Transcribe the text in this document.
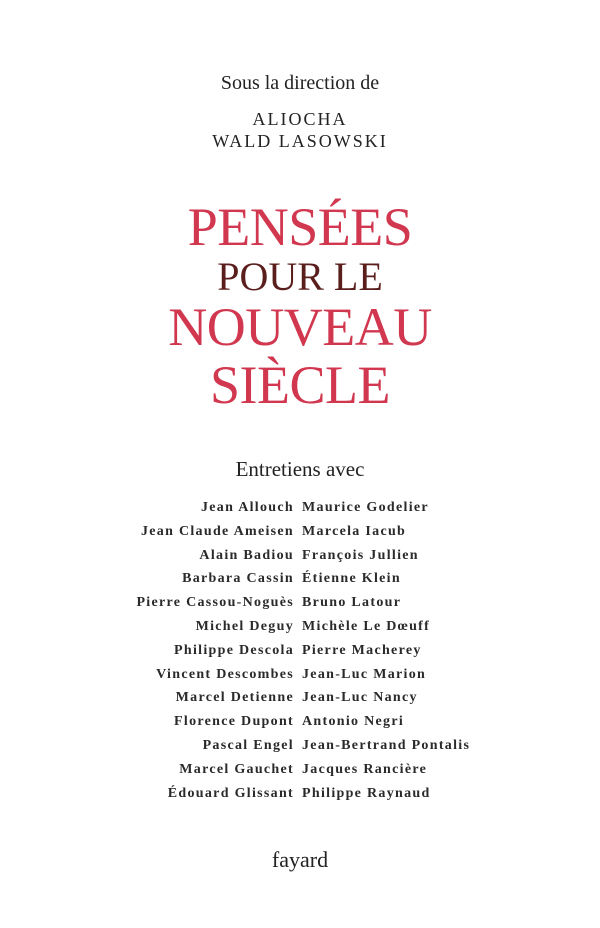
Sous la direction de
ALIOCHA
WALD LASOWSKI
PENSÉES
POUR LE
NOUVEAU
SIÈCLE
Entretiens avec
Jean Allouch
Jean Claude Ameisen
Alain Badiou
Barbara Cassin
Pierre Cassou-Noguès
Michel Deguy
Philippe Descola
Vincent Descombes
Marcel Detienne
Florence Dupont
Pascal Engel
Marcel Gauchet
Édouard Glissant
Maurice Godelier
Marcela Iacub
François Jullien
Étienne Klein
Bruno Latour
Michèle Le Dœuff
Pierre Macherey
Jean-Luc Marion
Jean-Luc Nancy
Antonio Negri
Jean-Bertrand Pontalis
Jacques Rancière
Philippe Raynaud
fayard
